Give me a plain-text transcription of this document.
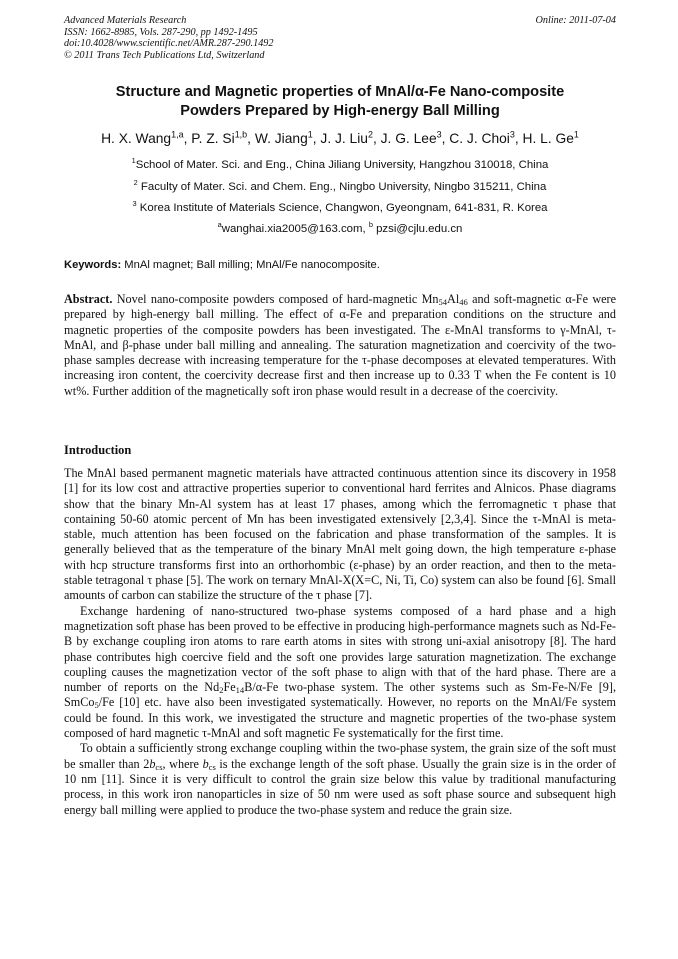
Advanced Materials Research
ISSN: 1662-8985, Vols. 287-290, pp 1492-1495
doi:10.4028/www.scientific.net/AMR.287-290.1492
© 2011 Trans Tech Publications Ltd, Switzerland
Online: 2011-07-04
Structure and Magnetic properties of MnAl/α-Fe Nano-composite
Powders Prepared by High-energy Ball Milling
H. X. Wang$^{1,a}$, P. Z. Si$^{1,b}$, W. Jiang$^1$, J. J. Liu$^2$, J. G. Lee$^3$, C. J. Choi$^3$, H. L. Ge$^1$
$^1$School of Mater. Sci. and Eng., China Jiliang University, Hangzhou 310018, China
$^2$ Faculty of Mater. Sci. and Chem. Eng., Ningbo University, Ningbo 315211, China
$^3$ Korea Institute of Materials Science, Changwon, Gyeongnam, 641-831, R. Korea
$^a$wanghai.xia2005@163.com, $^b$ pzsi@cjlu.edu.cn
Keywords: MnAl magnet; Ball milling; MnAl/Fe nanocomposite.

Abstract. Novel nano-composite powders composed of hard-magnetic $Mn_{54}Al_{46}$ and soft-magnetic α-Fe were prepared by high-energy ball milling. The effect of α-Fe and preparation conditions on the structure and magnetic properties of the composite powders has been investigated. The ε-MnAl transforms to γ-MnAl, τ-MnAl, and β-phase under ball milling and annealing. The saturation magnetization and coercivity of the two-phase samples decrease with increasing temperature for the τ-phase decomposes at elevated temperatures. With increasing iron content, the coercivity decrease first and then increase up to 0.33 T when the Fe content is 10 wt%. Further addition of the magnetically soft iron phase would result in a decrease of the coercivity.

Introduction

The MnAl based permanent magnetic materials have attracted continuous attention since its discovery in 1958 [1] for its low cost and attractive properties superior to conventional hard ferrites and Alnicos. Phase diagrams show that the binary Mn-Al system has at least 17 phases, among which the ferromagnetic τ phase that containing 50-60 atomic percent of Mn has been investigated extensively [2,3,4]. Since the τ-MnAl is meta-stable, much attention has been focused on the fabrication and phase transformation of the samples. It is generally believed that as the temperature of the binary MnAl melt going down, the high temperature ε-phase with hcp structure transforms first into an orthorhombic (ε-phase) by an order reaction, and then to the meta-stable tetragonal τ phase [5]. The work on ternary MnAl-X(X=C, Ni, Ti, Co) system can also be found [6]. Small amounts of carbon can stabilize the structure of the τ phase [7].

Exchange hardening of nano-structured two-phase systems composed of a hard phase and a high magnetization soft phase has been proved to be effective in producing high-performance magnets such as Nd-Fe-B by exchange coupling iron atoms to rare earth atoms in sites with strong uni-axial anisotropy [8]. The hard phase contributes high coercive field and the soft one provides large saturation magnetization. The exchange coupling causes the magnetization vector of the soft phase to align with that of the hard phase. There are a number of reports on the $Nd_2Fe_{14}B/\alpha-Fe$ two-phase system. The other systems such as Sm-Fe-N/Fe [9], SmCo$_5$/Fe [10] etc. have also been investigated systematically. However, no reports on the MnAl/Fe system could be found. In this work, we investigated the structure and magnetic properties of the two-phase system composed of hard magnetic τ-MnAl and soft magnetic Fe systematically for the first time.

To obtain a sufficiently strong exchange coupling within the two-phase system, the grain size of the soft must be smaller than $2b_{cs}$, where $b_{cs}$ is the exchange length of the soft phase. Usually the grain size is in the order of 10 nm [11]. Since it is very difficult to control the grain size below this value by traditional manufacturing process, in this work iron nanoparticles in size of 50 nm were used as soft phase source and subsequent high energy ball milling were applied to produce the two-phase system and reduce the grain size.
